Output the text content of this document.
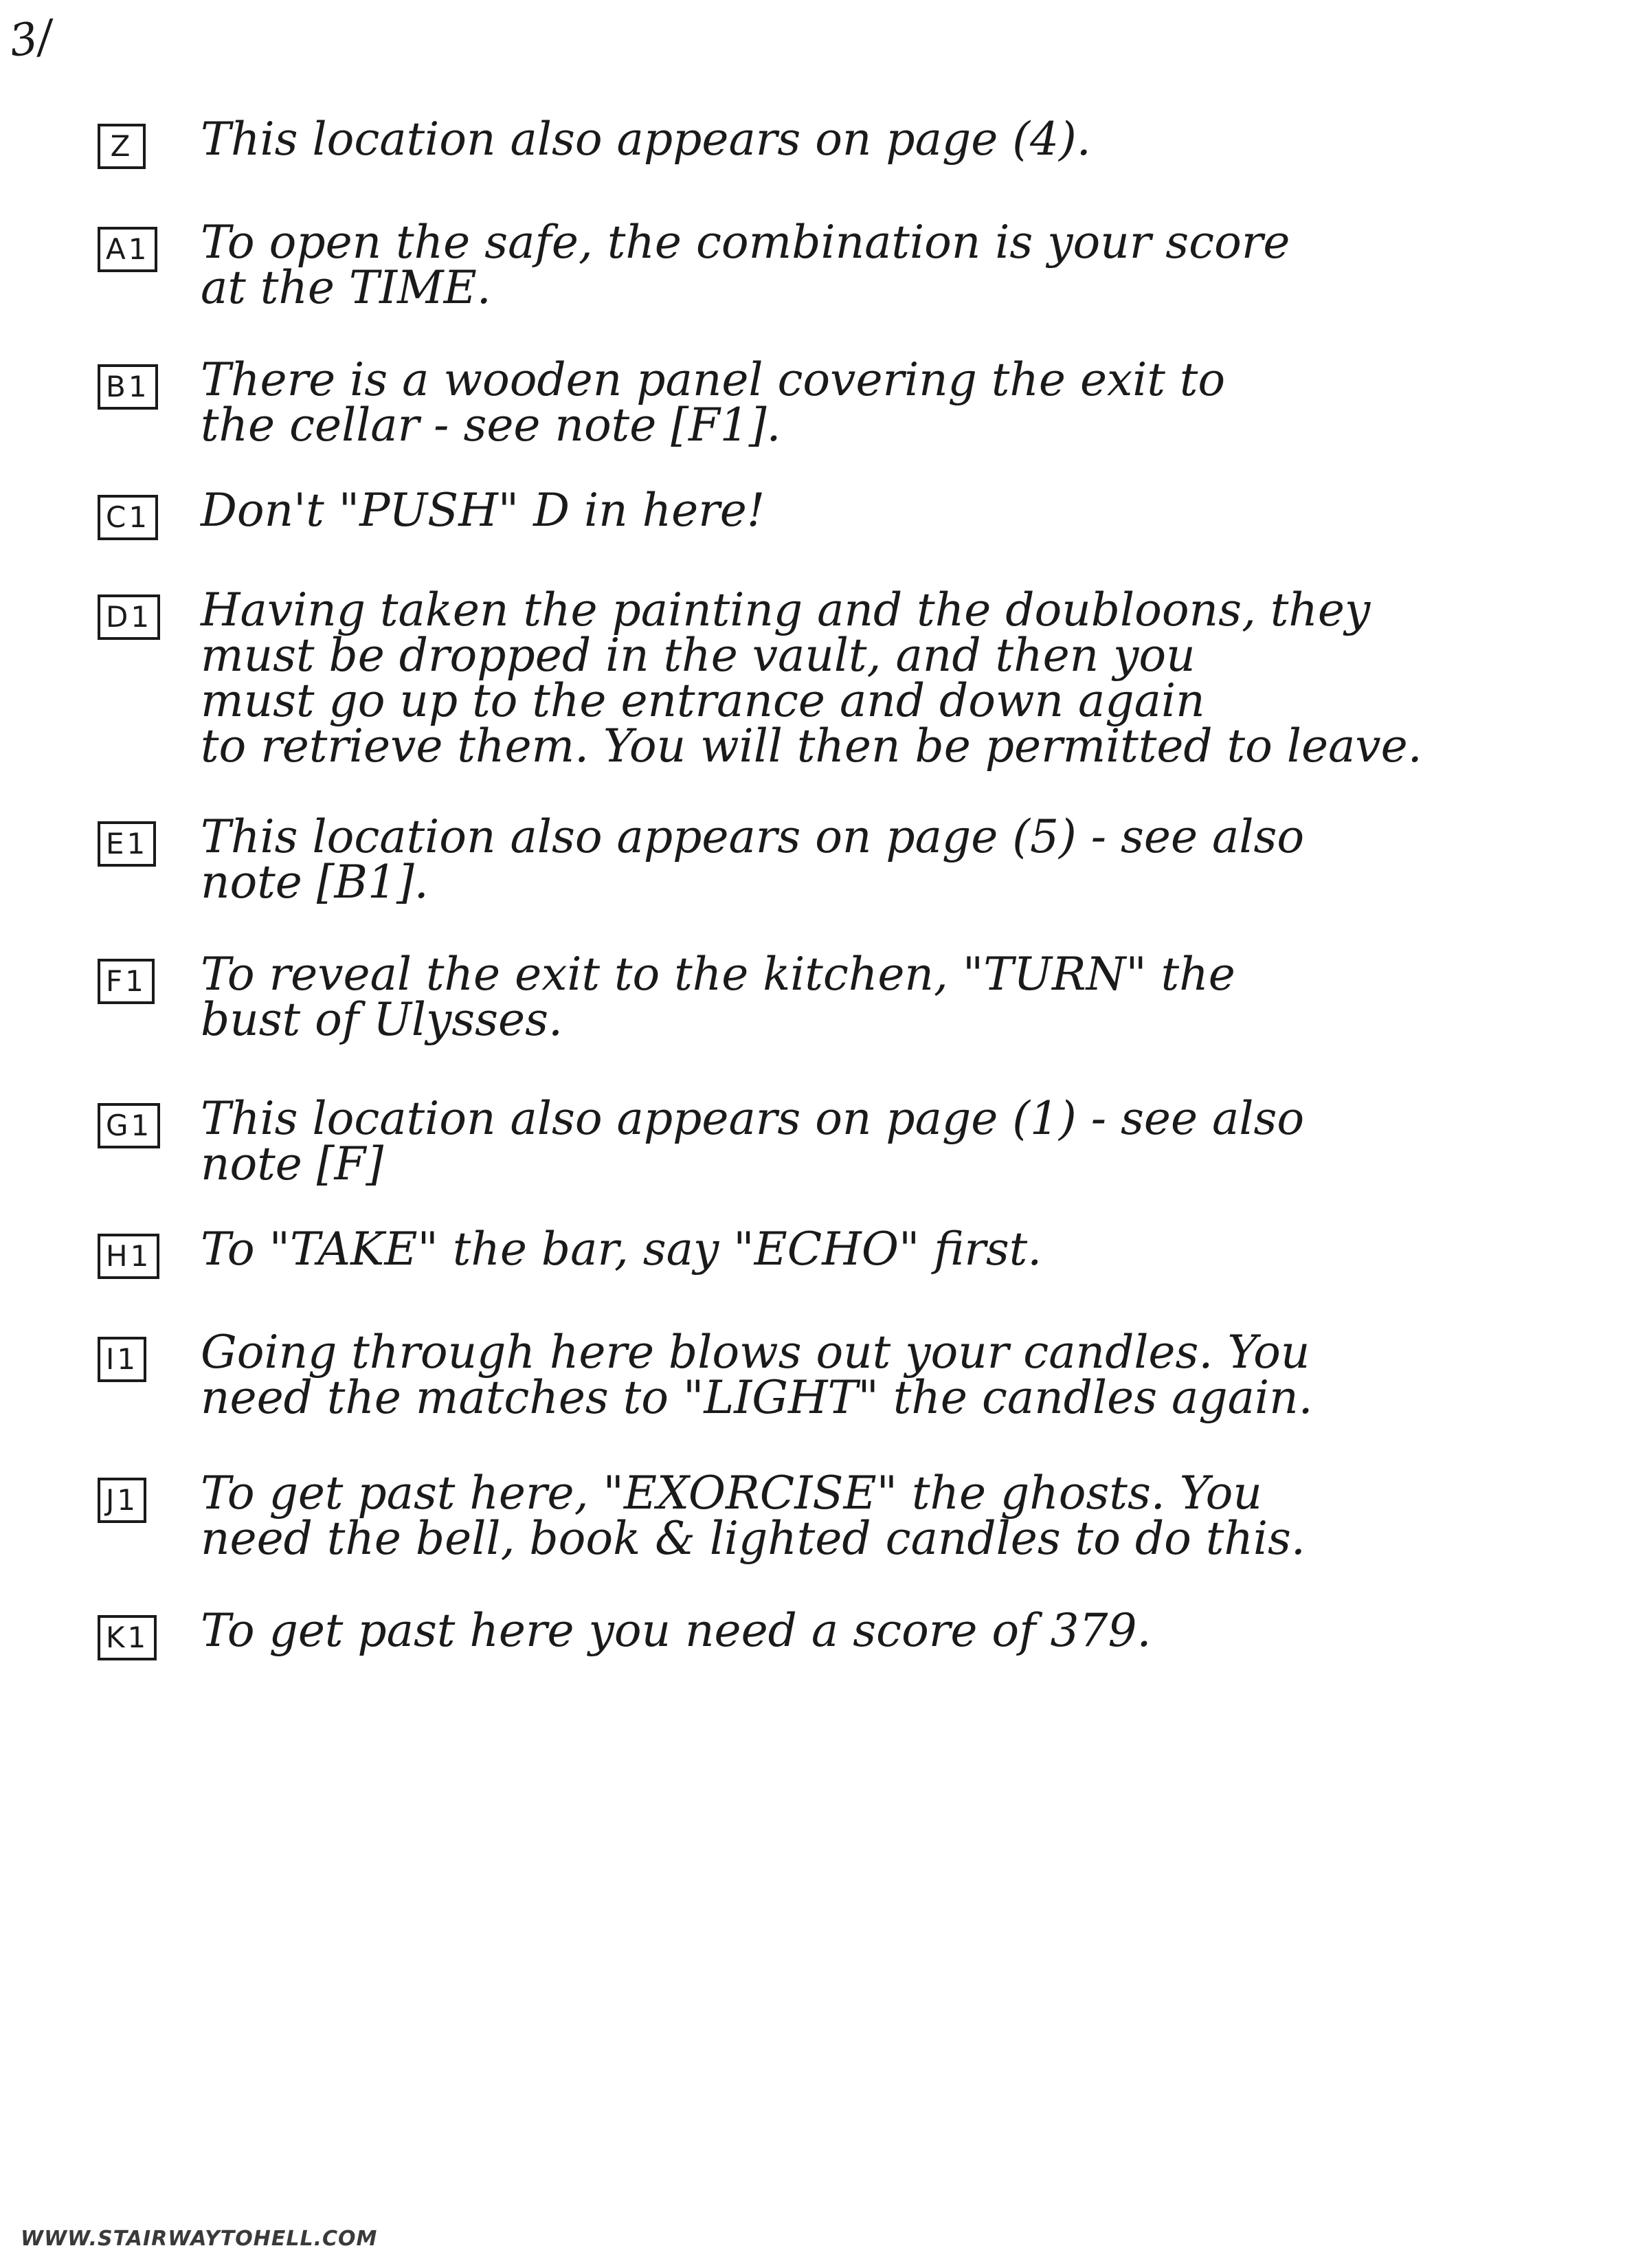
3/
Z This location also appears on page (4).
A1 To open the safe, the combination is your score
at the TIME.
B1 There is a wooden panel covering the exit to
the cellar - see note [F1].
C1 Don't "PUSH" D in here!
D1 Having taken the painting and the doubloons, they
must be dropped in the vault, and then you
must go up to the entrance and down again
to retrieve them. You will then be permitted to leave.
E1 This location also appears on page (5) - see also
note [B1].
F1 To reveal the exit to the kitchen, "TURN" the
bust of Ulysses.
G1 This location also appears on page (1) - see also
note [F]
H1 To "TAKE" the bar, say "ECHO" first.
I1 Going through here blows out your candles. You
need the matches to "LIGHT" the candles again.
J1 To get past here, "EXORCISE" the ghosts. You
need the bell, book & lighted candles to do this.
K1 To get past here you need a score of 379.
WWW.STAIRWAYTOHELL.COM
